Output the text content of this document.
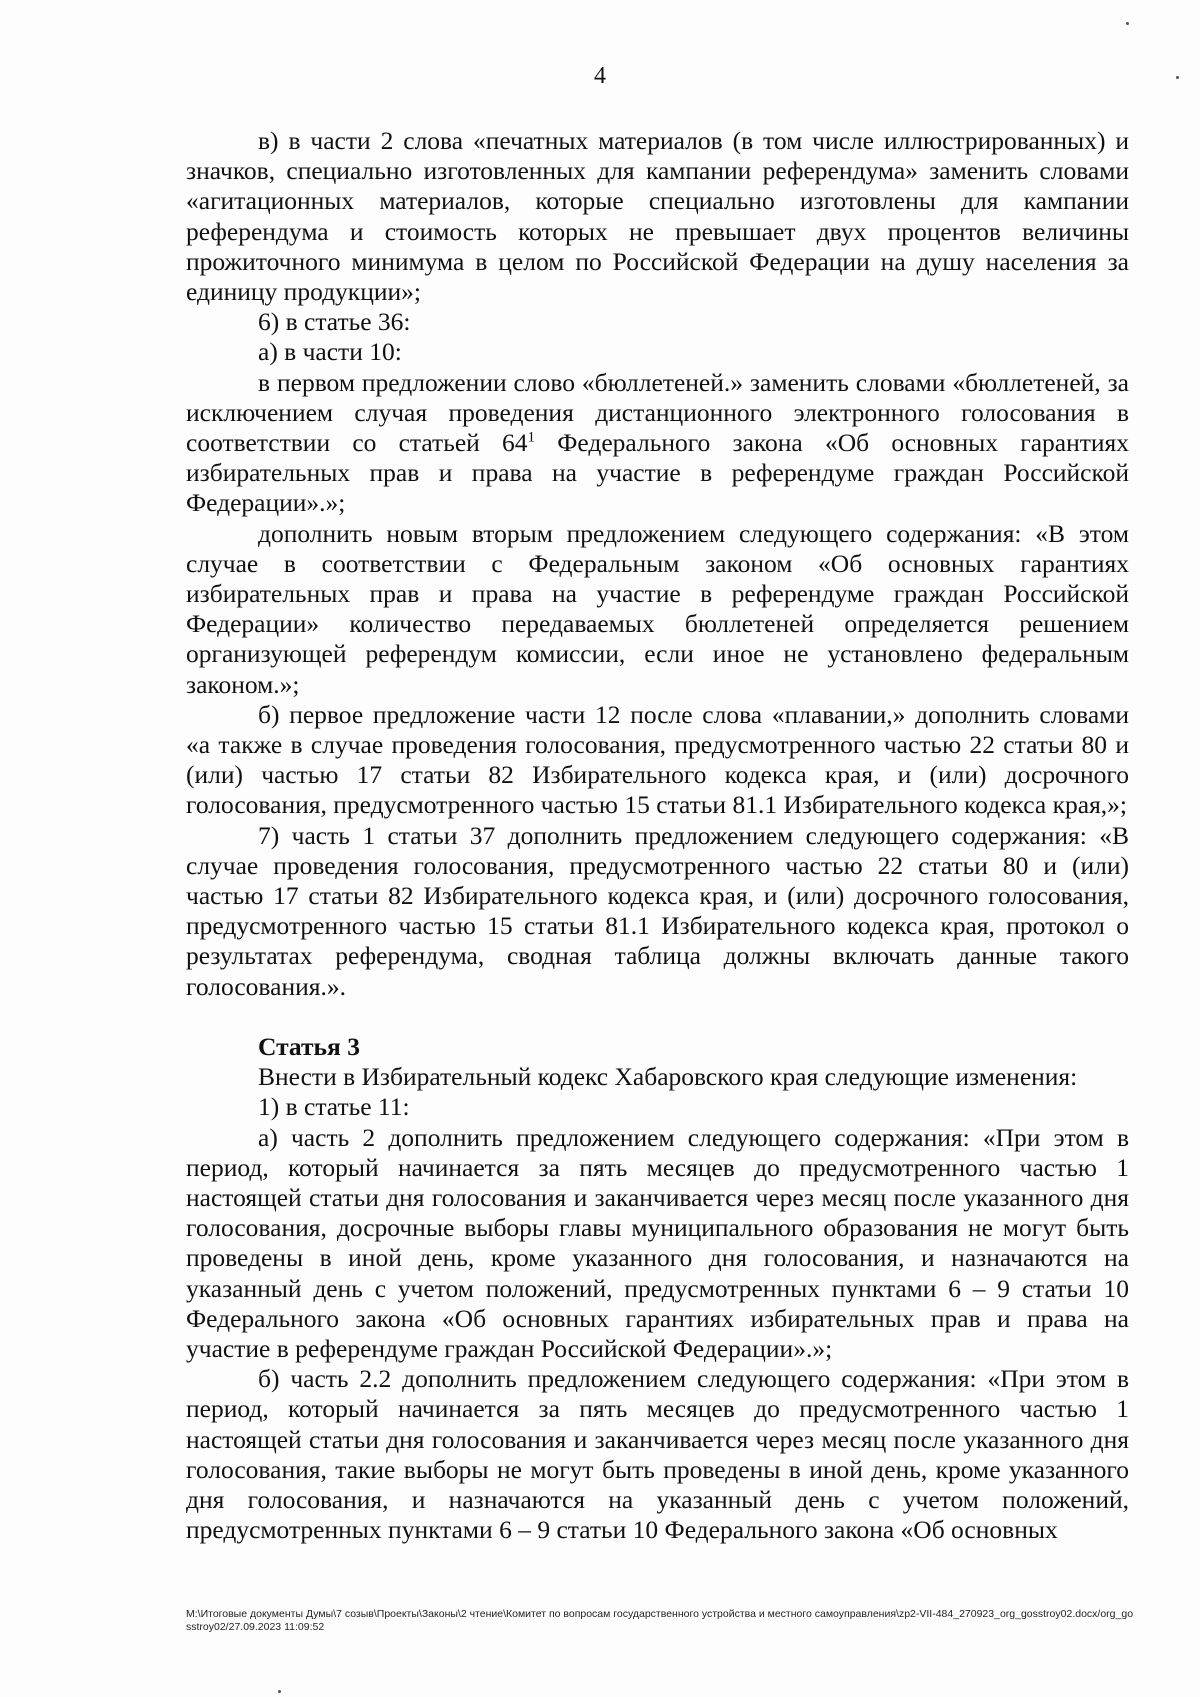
4

в) в части 2 слова «печатных материалов (в том числе иллюстрированных) и значков, специально изготовленных для кампании референдума» заменить словами «агитационных материалов, которые специально изготовлены для кампании референдума и стоимость которых не превышает двух процентов величины прожиточного минимума в целом по Российской Федерации на душу населения за единицу продукции»;

6) в статье 36:

а) в части 10:

в первом предложении слово «бюллетеней.» заменить словами «бюллетеней, за исключением случая проведения дистанционного электронного голосования в соответствии со статьей $64^1$ Федерального закона «Об основных гарантиях избирательных прав и права на участие в референдуме граждан Российской Федерации».»;

дополнить новым вторым предложением следующего содержания: «В этом случае в соответствии с Федеральным законом «Об основных гарантиях избирательных прав и права на участие в референдуме граждан Российской Федерации» количество передаваемых бюллетеней определяется решением организующей референдум комиссии, если иное не установлено федеральным законом.»;

б) первое предложение части 12 после слова «плавании,» дополнить словами «а также в случае проведения голосования, предусмотренного частью 22 статьи 80 и (или) частью 17 статьи 82 Избирательного кодекса края, и (или) досрочного голосования, предусмотренного частью 15 статьи 81.1 Избирательного кодекса края,»;

7) часть 1 статьи 37 дополнить предложением следующего содержания: «В случае проведения голосования, предусмотренного частью 22 статьи 80 и (или) частью 17 статьи 82 Избирательного кодекса края, и (или) досрочного голосования, предусмотренного частью 15 статьи 81.1 Избирательного кодекса края, протокол о результатах референдума, сводная таблица должны включать данные такого голосования.».

Статья 3

Внести в Избирательный кодекс Хабаровского края следующие изменения:

1) в статье 11:

а) часть 2 дополнить предложением следующего содержания: «При этом в период, который начинается за пять месяцев до предусмотренного частью 1 настоящей статьи дня голосования и заканчивается через месяц после указанного дня голосования, досрочные выборы главы муниципального образования не могут быть проведены в иной день, кроме указанного дня голосования, и назначаются на указанный день с учетом положений, предусмотренных пунктами 6 – 9 статьи 10 Федерального закона «Об основных гарантиях избирательных прав и права на участие в референдуме граждан Российской Федерации».»;

б) часть 2.2 дополнить предложением следующего содержания: «При этом в период, который начинается за пять месяцев до предусмотренного частью 1 настоящей статьи дня голосования и заканчивается через месяц после указанного дня голосования, такие выборы не могут быть проведены в иной день, кроме указанного дня голосования, и назначаются на указанный день с учетом положений, предусмотренных пунктами 6 – 9 статьи 10 Федерального закона «Об основных

M:\Итоговые документы Думы\7 созыв\Проекты\Законы\2 чтение\Комитет по вопросам государственного устройства и местного самоуправления\zp2-VII-484_270923_org_gosstroy02.docx/org_gosstroy02/27.09.2023 11:09:52
